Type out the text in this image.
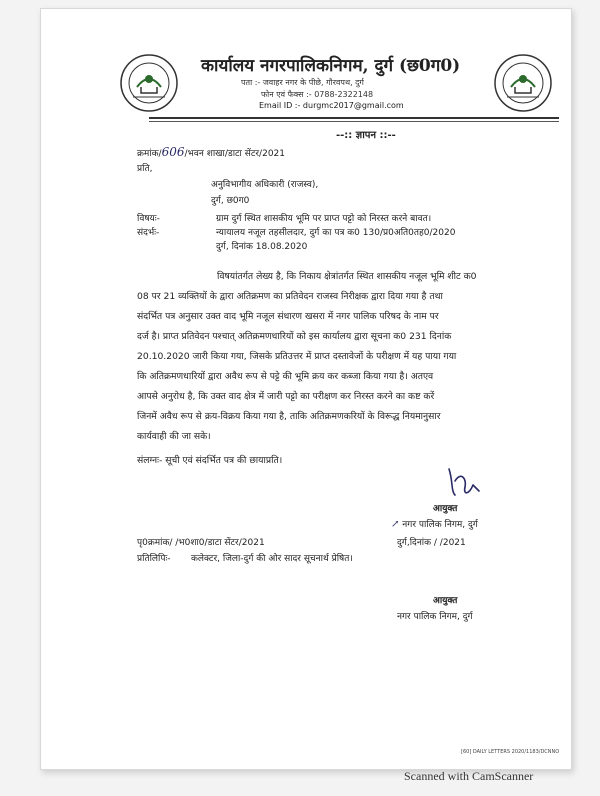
कार्यालय नगरपालिकनिगम, दुर्ग (छ0ग0)
पता :- जवाहर नगर के पीछे, गौरवपथ, दुर्ग
फोन एवं फैक्स :- 0788-2322148
Email ID :- durgmc2017@gmail.com
--:: ज्ञापन ::--
क्रमांक/606/भवन शाखा/डाटा सेंटर/2021
प्रति,
अनुविभागीय अधिकारी (राजस्व),
दुर्ग, छ0ग0
विषयः-	ग्राम दुर्ग स्थित शासकीय भूमि पर प्राप्त पट्टो को निरस्त करने बावत।
संदर्भः-	न्यायालय नजूल तहसीलदार, दुर्ग का पत्र क0 130/प्र0अति0तह0/2020
दुर्ग, दिनांक 18.08.2020
विषयांतर्गत लेख्य है, कि निकाय क्षेत्रांतर्गत स्थित शासकीय नजूल भूमि शीट क0
08 पर 21 व्यक्तियों के द्वारा अतिक्रमण का प्रतिवेदन राजस्व निरीक्षक द्वारा दिया गया है तथा
संदर्भित पत्र अनुसार उक्त वाद भूमि नजूल संधारण खसरा में नगर पालिक परिषद के नाम पर
दर्ज है। प्राप्त प्रतिवेदन पश्चात् अतिक्रमणधारियों को इस कार्यालय द्वारा सूचना क0 231 दिनांक
20.10.2020 जारी किया गया, जिसके प्रतिउत्तर में प्राप्त दस्तावेजों के परीक्षण में यह पाया गया
कि अतिक्रमणधारियों द्वारा अवैध रूप से पट्टे की भूमि क्रय कर कब्जा किया गया है। अतएव
आपसे अनुरोध है, कि उक्त वाद क्षेत्र में जारी पट्टो का परीक्षण कर निरस्त करने का कष्ट करें
जिनमें अवैध रूप से क्रय-विक्रय किया गया है, ताकि अतिक्रमणकरियों के विरूद्ध नियमानुसार
कार्यवाही की जा सके।
संलग्नः- सूची एवं संदर्भित पत्र की छायाप्रति।
आयुक्त
↗ नगर पालिक निगम, दुर्ग
दुर्ग,दिनांक / /2021
पृ0क्रमांक/ /भ0शा0/डाटा सेंटर/2021
प्रतिलिपिः- कलेक्टर, जिला-दुर्ग की ओर सादर सूचनार्थ प्रेषित।
आयुक्त
नगर पालिक निगम, दुर्ग
[60] DAILY LETTERS 2020/1183/DCNNO
Scanned with CamScanner
